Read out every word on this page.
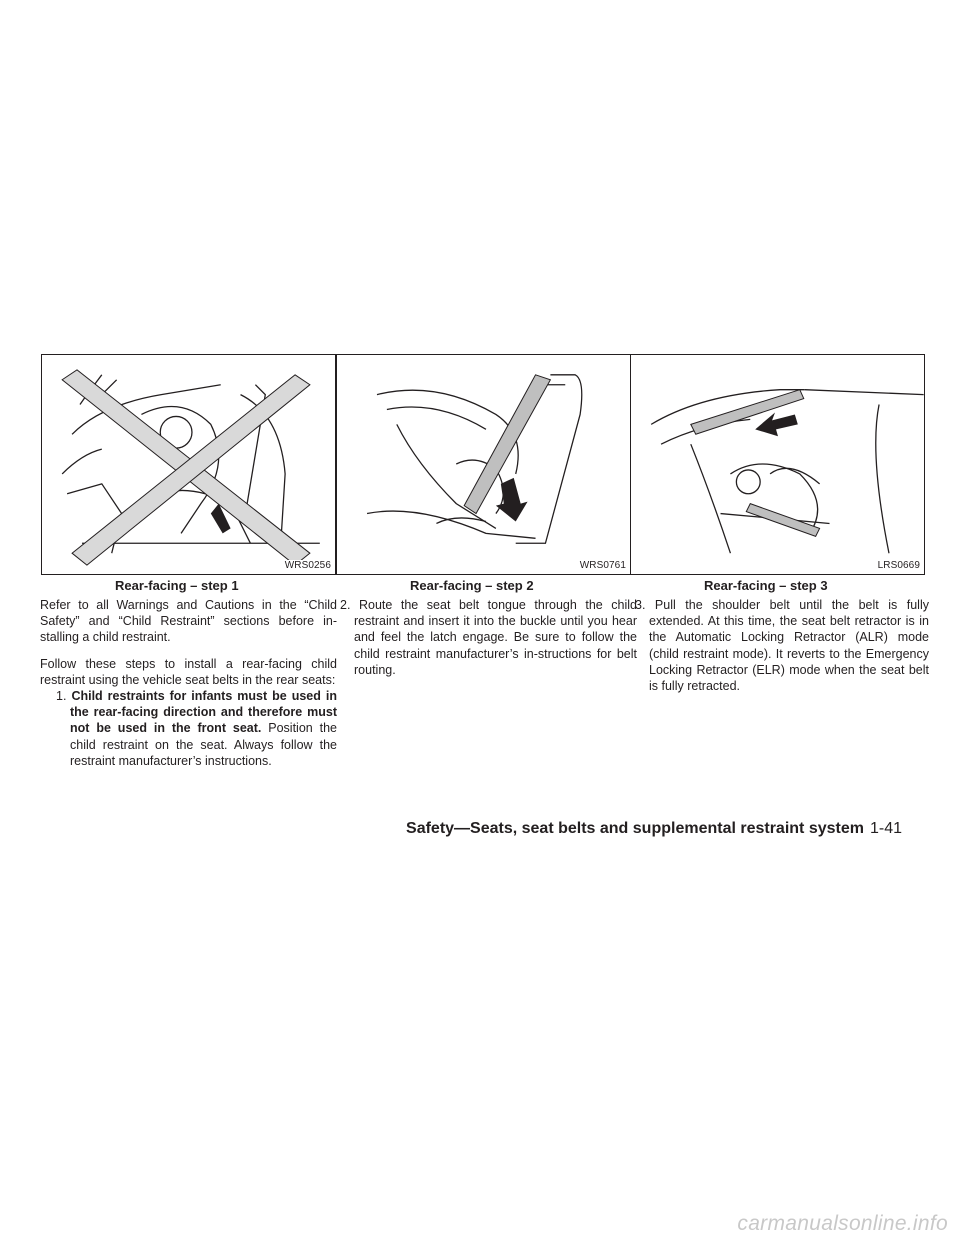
WRS0256
Rear-facing – step 1
WRS0761
Rear-facing – step 2
LRS0669
Rear-facing – step 3

Refer to all Warnings and Cautions in the “Child Safety” and “Child Restraint” sections before in-stalling a child restraint.

Follow these steps to install a rear-facing child restraint using the vehicle seat belts in the rear seats:

1. Child restraints for infants must be used in the rear-facing direction and therefore must not be used in the front seat. Position the child restraint on the seat. Always follow the restraint manufacturer’s instructions.
2. Route the seat belt tongue through the child restraint and insert it into the buckle until you hear and feel the latch engage. Be sure to follow the child restraint manufacturer’s in-structions for belt routing.
3. Pull the shoulder belt until the belt is fully extended. At this time, the seat belt retractor is in the Automatic Locking Retractor (ALR) mode (child restraint mode). It reverts to the Emergency Locking Retractor (ELR) mode when the seat belt is fully retracted.
Safety—Seats, seat belts and supplemental restraint system 1-41
carmanualsonline.info
